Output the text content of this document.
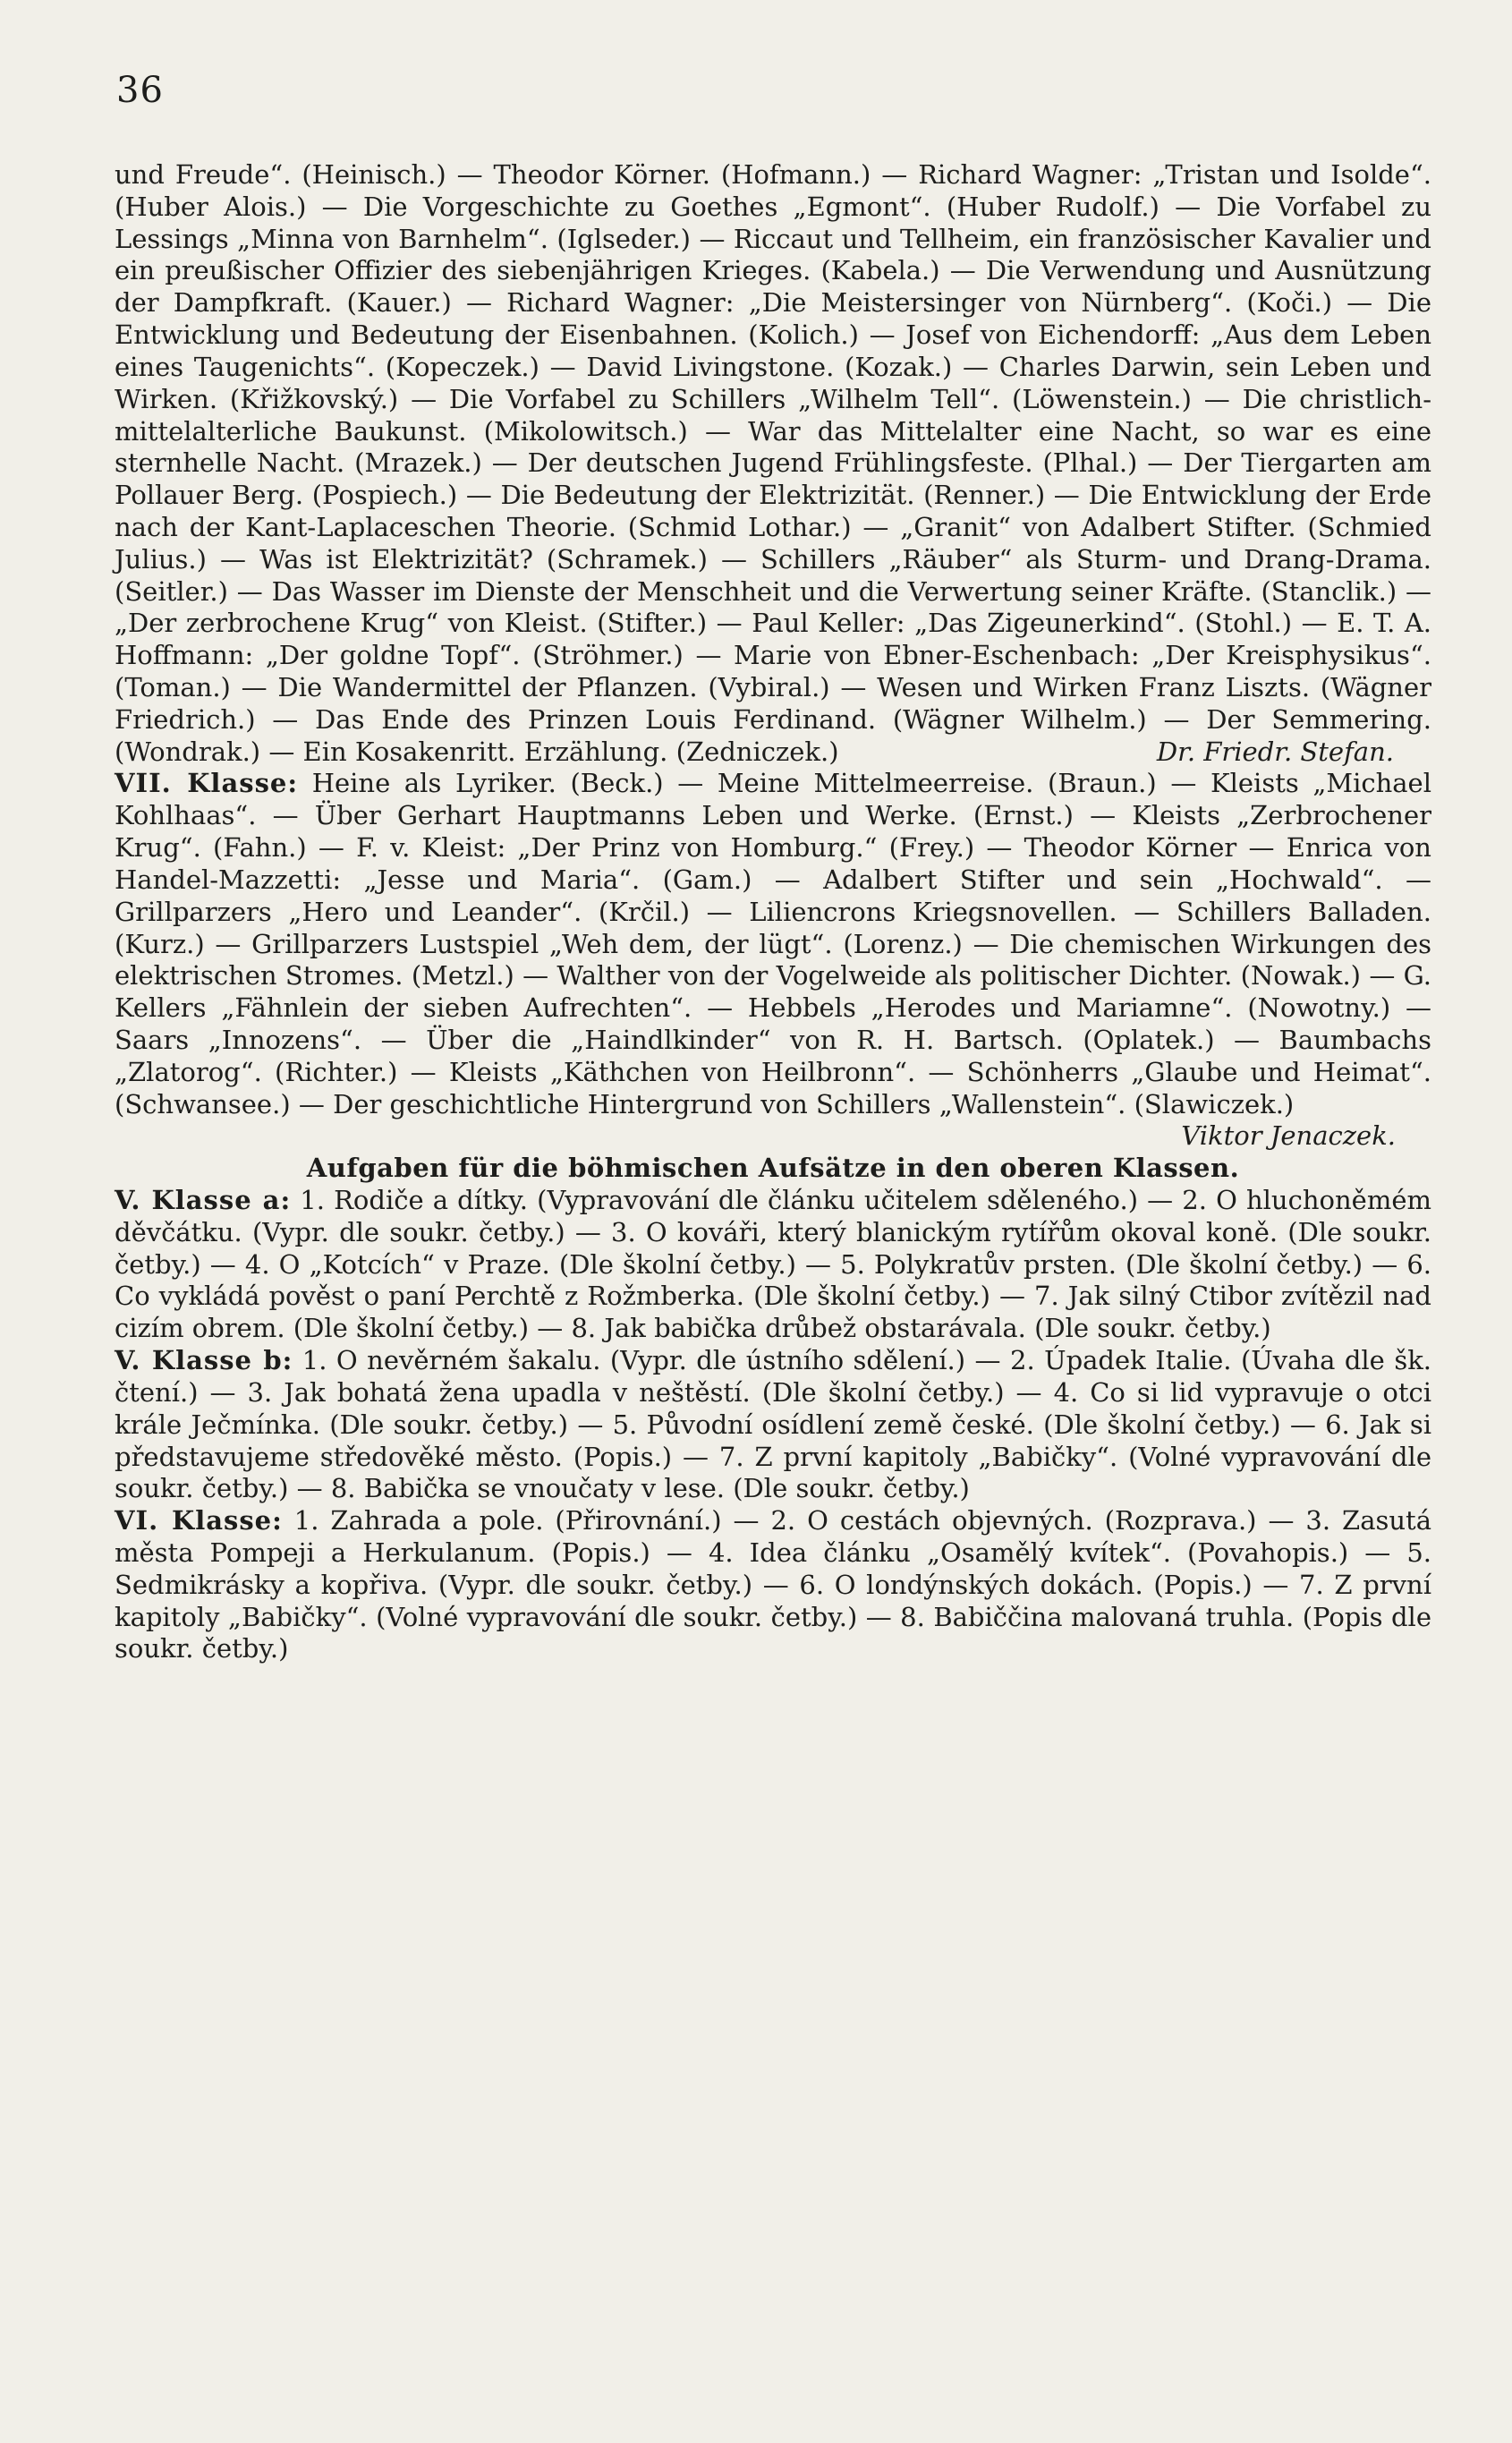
36

und Freude“. (Heinisch.) — Theodor Körner. (Hofmann.) — Richard Wagner: „Tristan und Isolde“. (Huber Alois.) — Die Vorgeschichte zu Goethes „Egmont“. (Huber Rudolf.) — Die Vorfabel zu Lessings „Minna von Barnhelm“. (Iglseder.) — Riccaut und Tellheim, ein französischer Kavalier und ein preußischer Offizier des siebenjährigen Krieges. (Kabela.) — Die Verwendung und Ausnützung der Dampfkraft. (Kauer.) — Richard Wagner: „Die Meistersinger von Nürnberg“. (Koči.) — Die Entwicklung und Bedeutung der Eisenbahnen. (Kolich.) — Josef von Eichendorff: „Aus dem Leben eines Taugenichts“. (Kopeczek.) — David Livingstone. (Kozak.) — Charles Darwin, sein Leben und Wirken. (Křižkovský.) — Die Vorfabel zu Schillers „Wilhelm Tell“. (Löwenstein.) — Die christlich-mittelalterliche Baukunst. (Mikolowitsch.) — War das Mittelalter eine Nacht, so war es eine sternhelle Nacht. (Mrazek.) — Der deutschen Jugend Frühlingsfeste. (Plhal.) — Der Tiergarten am Pollauer Berg. (Pospiech.) — Die Bedeutung der Elektrizität. (Renner.) — Die Entwicklung der Erde nach der Kant-Laplaceschen Theorie. (Schmid Lothar.) — „Granit“ von Adalbert Stifter. (Schmied Julius.) — Was ist Elektrizität? (Schramek.) — Schillers „Räuber“ als Sturm- und Drang-Drama. (Seitler.) — Das Wasser im Dienste der Menschheit und die Verwertung seiner Kräfte. (Stanclik.) — „Der zerbrochene Krug“ von Kleist. (Stifter.) — Paul Keller: „Das Zigeunerkind“. (Stohl.) — E. T. A. Hoffmann: „Der goldne Topf“. (Ströhmer.) — Marie von Ebner-Eschenbach: „Der Kreisphysikus“. (Toman.) — Die Wandermittel der Pflanzen. (Vybiral.) — Wesen und Wirken Franz Liszts. (Wägner Friedrich.) — Das Ende des Prinzen Louis Ferdinand. (Wägner Wilhelm.) — Der Semmering. (Wondrak.) — Ein Kosakenritt. Erzählung. (Zedniczek.)	Dr. Friedr. Stefan.

VII. Klasse: Heine als Lyriker. (Beck.) — Meine Mittelmeerreise. (Braun.) — Kleists „Michael Kohlhaas“. — Über Gerhart Hauptmanns Leben und Werke. (Ernst.) — Kleists „Zerbrochener Krug“. (Fahn.) — F. v. Kleist: „Der Prinz von Homburg.“ (Frey.) — Theodor Körner — Enrica von Handel-Mazzetti: „Jesse und Maria“. (Gam.) — Adalbert Stifter und sein „Hochwald“. — Grillparzers „Hero und Leander“. (Krčil.) — Liliencrons Kriegsnovellen. — Schillers Balladen. (Kurz.) — Grillparzers Lustspiel „Weh dem, der lügt“. (Lorenz.) — Die chemischen Wirkungen des elektrischen Stromes. (Metzl.) — Walther von der Vogelweide als politischer Dichter. (Nowak.) — G. Kellers „Fähnlein der sieben Aufrechten“. — Hebbels „Herodes und Mariamne“. (Nowotny.) — Saars „Innozens“. — Über die „Haindlkinder“ von R. H. Bartsch. (Oplatek.) — Baumbachs „Zlatorog“. (Richter.) — Kleists „Käthchen von Heilbronn“. — Schönherrs „Glaube und Heimat“. (Schwansee.) — Der geschichtliche Hintergrund von Schillers „Wallenstein“. (Slawiczek.)

Viktor Jenaczek.

Aufgaben für die böhmischen Aufsätze in den oberen Klassen.

V. Klasse a: 1. Rodiče a dítky. (Vypravování dle článku učitelem sděleného.) — 2. O hluchoněmém děvčátku. (Vypr. dle soukr. četby.) — 3. O kováři, který blanickým rytířům okoval koně. (Dle soukr. četby.) — 4. O „Kotcích“ v Praze. (Dle školní četby.) — 5. Polykratův prsten. (Dle školní četby.) — 6. Co vykládá pověst o paní Perchtě z Rožmberka. (Dle školní četby.) — 7. Jak silný Ctibor zvítězil nad cizím obrem. (Dle školní četby.) — 8. Jak babička drůbež obstarávala. (Dle soukr. četby.)

V. Klasse b: 1. O nevěrném šakalu. (Vypr. dle ústního sdělení.) — 2. Úpadek Italie. (Úvaha dle šk. čtení.) — 3. Jak bohatá žena upadla v neštěstí. (Dle školní četby.) — 4. Co si lid vypravuje o otci krále Ječmínka. (Dle soukr. četby.) — 5. Původní osídlení země české. (Dle školní četby.) — 6. Jak si představujeme středověké město. (Popis.) — 7. Z první kapitoly „Babičky“. (Volné vypravování dle soukr. četby.) — 8. Babička se vnoučaty v lese. (Dle soukr. četby.)

VI. Klasse: 1. Zahrada a pole. (Přirovnání.) — 2. O cestách objevných. (Rozprava.) — 3. Zasutá města Pompeji a Herkulanum. (Popis.) — 4. Idea článku „Osamělý kvítek“. (Povahopis.) — 5. Sedmikrásky a kopřiva. (Vypr. dle soukr. četby.) — 6. O londýnských dokách. (Popis.) — 7. Z první kapitoly „Babičky“. (Volné vypravování dle soukr. četby.) — 8. Babiččina malovaná truhla. (Popis dle soukr. četby.)
